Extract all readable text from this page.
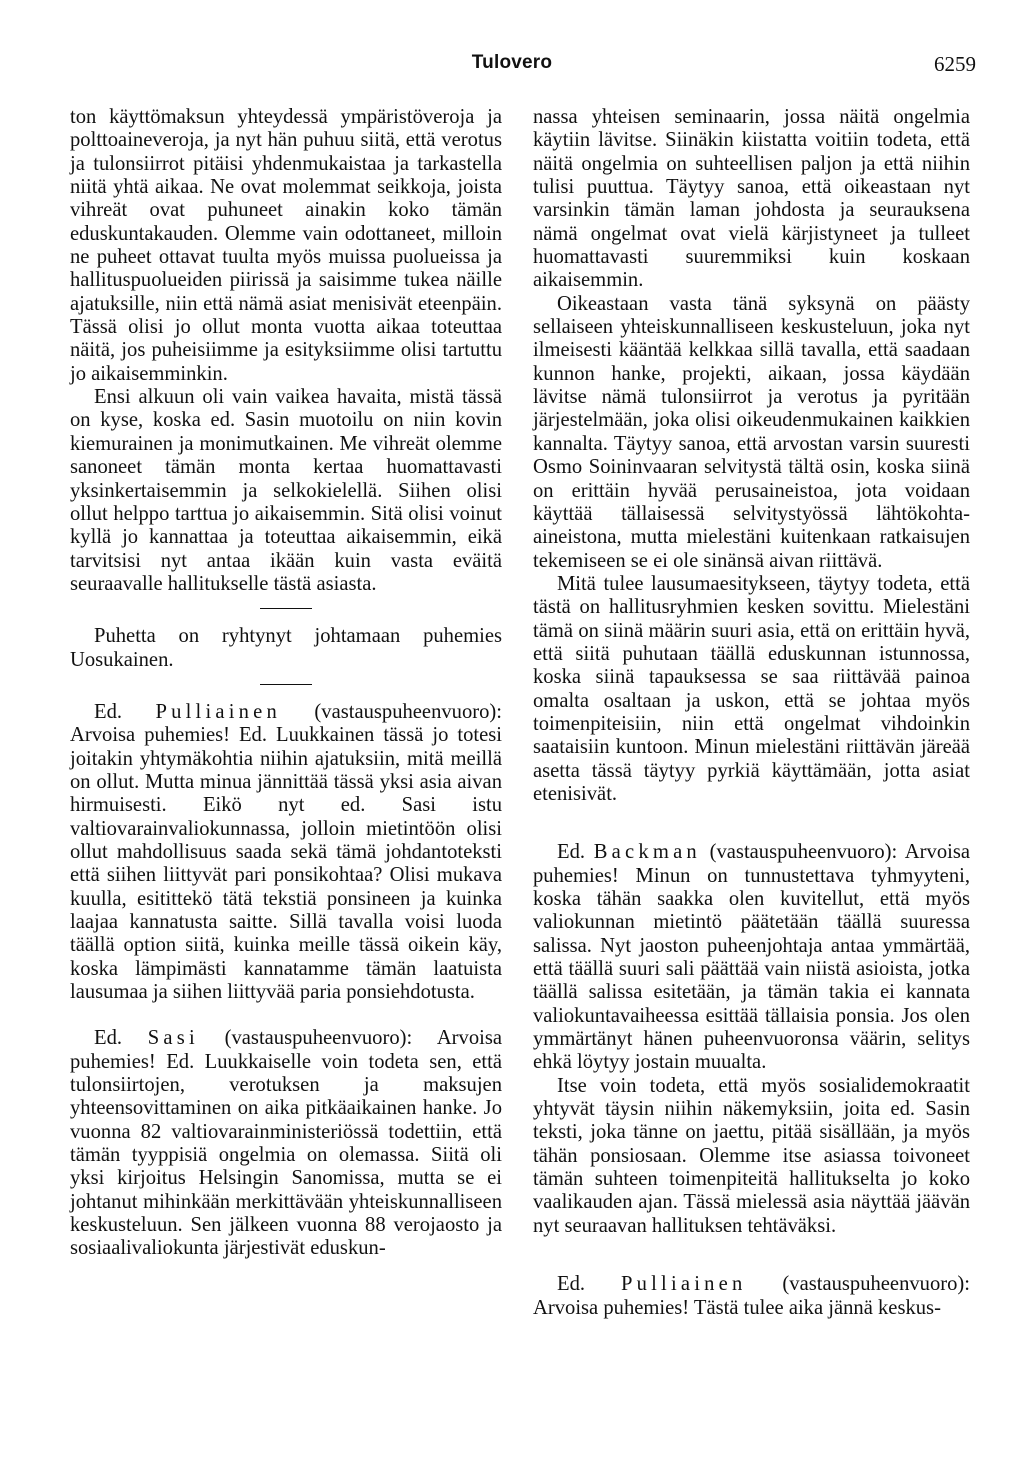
Tulovero	6259

ton käyttömaksun yhteydessä ympäristöveroja ja polttoaineveroja, ja nyt hän puhuu siitä, että verotus ja tulonsiirrot pitäisi yhdenmukaistaa ja tarkastella niitä yhtä aikaa. Ne ovat molemmat seikkoja, joista vihreät ovat puhuneet ainakin koko tämän eduskuntakauden. Olemme vain odottaneet, milloin ne puheet ottavat tuulta myös muissa puolueissa ja hallituspuolueiden piirissä ja saisimme tukea näille ajatuksille, niin että nämä asiat menisivät eteenpäin. Tässä olisi jo ollut monta vuotta aikaa toteuttaa näitä, jos puheisiimme ja esityksiimme olisi tartuttu jo aikaisemminkin.

Ensi alkuun oli vain vaikea havaita, mistä tässä on kyse, koska ed. Sasin muotoilu on niin kovin kiemurainen ja monimutkainen. Me vihreät olemme sanoneet tämän monta kertaa huomattavasti yksinkertaisemmin ja selkokielellä. Siihen olisi ollut helppo tarttua jo aikaisemmin. Sitä olisi voinut kyllä jo kannattaa ja toteuttaa aikaisemmin, eikä tarvitsisi nyt antaa ikään kuin vasta eväitä seuraavalle hallitukselle tästä asiasta.

Puhetta on ryhtynyt johtamaan puhemies Uosukainen.

Ed. Pulliainen (vastauspuheenvuoro): Arvoisa puhemies! Ed. Luukkainen tässä jo totesi joitakin yhtymäkohtia niihin ajatuksiin, mitä meillä on ollut. Mutta minua jännittää tässä yksi asia aivan hirmuisesti. Eikö nyt ed. Sasi istu valtiovarainvaliokunnassa, jolloin mietintöön olisi ollut mahdollisuus saada sekä tämä johdantoteksti että siihen liittyvät pari ponsikohtaa? Olisi mukava kuulla, esitittekö tätä tekstiä ponsineen ja kuinka laajaa kannatusta saitte. Sillä tavalla voisi luoda täällä option siitä, kuinka meille tässä oikein käy, koska lämpimästi kannatamme tämän laatuista lausumaa ja siihen liittyvää paria ponsiehdotusta.

Ed. Sasi (vastauspuheenvuoro): Arvoisa puhemies! Ed. Luukkaiselle voin todeta sen, että tulonsiirtojen, verotuksen ja maksujen yhteensovittaminen on aika pitkäaikainen hanke. Jo vuonna 82 valtiovarainministeriössä todettiin, että tämän tyyppisiä ongelmia on olemassa. Siitä oli yksi kirjoitus Helsingin Sanomissa, mutta se ei johtanut mihinkään merkittävään yhteiskunnalliseen keskusteluun. Sen jälkeen vuonna 88 verojaosto ja sosiaalivaliokunta järjestivät eduskun-

nassa yhteisen seminaarin, jossa näitä ongelmia käytiin lävitse. Siinäkin kiistatta voitiin todeta, että näitä ongelmia on suhteellisen paljon ja että niihin tulisi puuttua. Täytyy sanoa, että oikeastaan nyt varsinkin tämän laman johdosta ja seurauksena nämä ongelmat ovat vielä kärjistyneet ja tulleet huomattavasti suuremmiksi kuin koskaan aikaisemmin.

Oikeastaan vasta tänä syksynä on päästy sellaiseen yhteiskunnalliseen keskusteluun, joka nyt ilmeisesti kääntää kelkkaa sillä tavalla, että saadaan kunnon hanke, projekti, aikaan, jossa käydään lävitse nämä tulonsiirrot ja verotus ja pyritään järjestelmään, joka olisi oikeudenmukainen kaikkien kannalta. Täytyy sanoa, että arvostan varsin suuresti Osmo Soininvaaran selvitystä tältä osin, koska siinä on erittäin hyvää perusaineistoa, jota voidaan käyttää tällaisessä selvitystyössä lähtökohta-aineistona, mutta mielestäni kuitenkaan ratkaisujen tekemiseen se ei ole sinänsä aivan riittävä.

Mitä tulee lausumaesitykseen, täytyy todeta, että tästä on hallitusryhmien kesken sovittu. Mielestäni tämä on siinä määrin suuri asia, että on erittäin hyvä, että siitä puhutaan täällä eduskunnan istunnossa, koska siinä tapauksessa se saa riittävää painoa omalta osaltaan ja uskon, että se johtaa myös toimenpiteisiin, niin että ongelmat vihdoinkin saataisiin kuntoon. Minun mielestäni riittävän järeää asetta tässä täytyy pyrkiä käyttämään, jotta asiat etenisivät.

Ed. Backman (vastauspuheenvuoro): Arvoisa puhemies! Minun on tunnustettava tyhmyyteni, koska tähän saakka olen kuvitellut, että myös valiokunnan mietintö päätetään täällä suuressa salissa. Nyt jaoston puheenjohtaja antaa ymmärtää, että täällä suuri sali päättää vain niistä asioista, jotka täällä salissa esitetään, ja tämän takia ei kannata valiokuntavaiheessa esittää tällaisia ponsia. Jos olen ymmärtänyt hänen puheenvuoronsa väärin, selitys ehkä löytyy jostain muualta.

Itse voin todeta, että myös sosialidemokraatit yhtyvät täysin niihin näkemyksiin, joita ed. Sasin teksti, joka tänne on jaettu, pitää sisällään, ja myös tähän ponsiosaan. Olemme itse asiassa toivoneet tämän suhteen toimenpiteitä hallitukselta jo koko vaalikauden ajan. Tässä mielessä asia näyttää jäävän nyt seuraavan hallituksen tehtäväksi.

Ed. Pulliainen (vastauspuheenvuoro): Arvoisa puhemies! Tästä tulee aika jännä keskus-
